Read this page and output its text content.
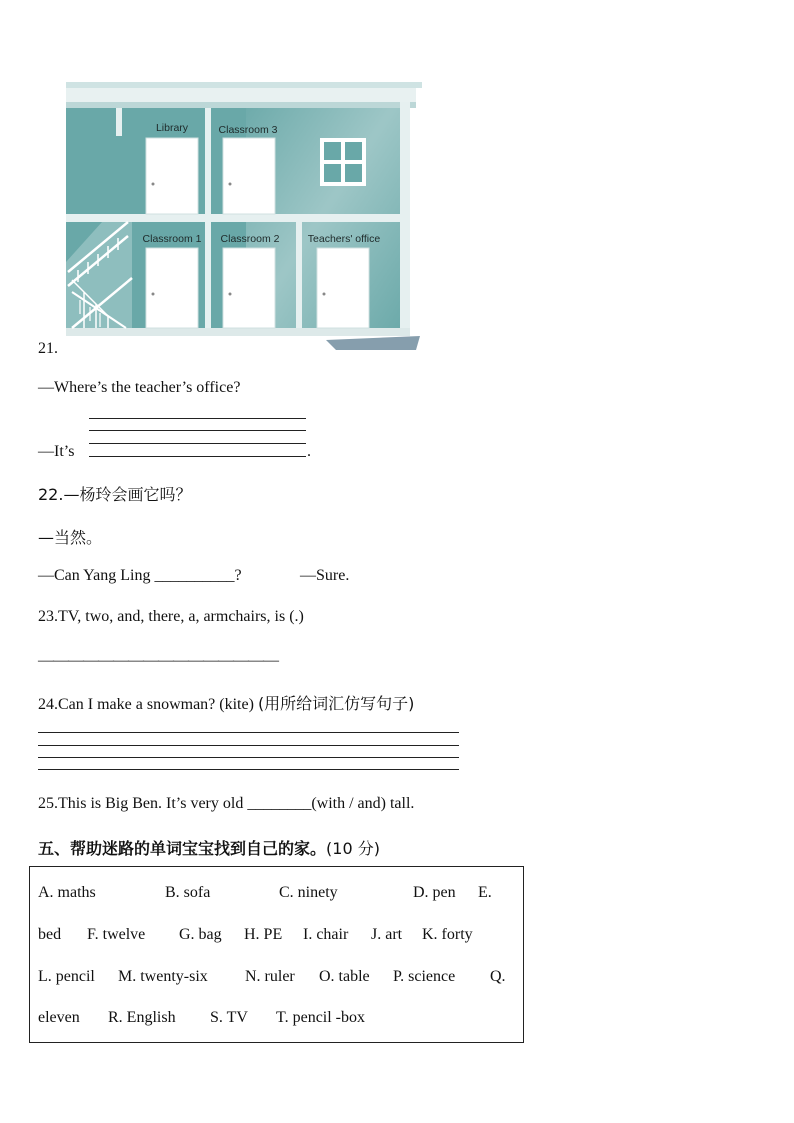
Library	Classroom 3
Classroom 1 Classroom 2	Teachers' office
21.
—Where’s the teacher’s office?
—It’s	.
22.—杨玲会画它吗？
—当然。
—Can Yang Ling __________?	—Sure.
23.TV, two, and, there, a, armchairs, is (.)
————————————————
24.Can I make a snowman? (kite) (用所给词汇仿写句子)
25.This is Big Ben. It’s very old ________(with / and) tall.
五、帮助迷路的单词宝宝找到自己的家。(10 分)
A. maths	B. sofa	C. ninety	D. pen E.
bed F. twelve G. bag H. PE I. chair J. art K. forty
L. pencil M. twenty-six N. ruler O. table P. science Q.
eleven R. English S. TV T. pencil -box
